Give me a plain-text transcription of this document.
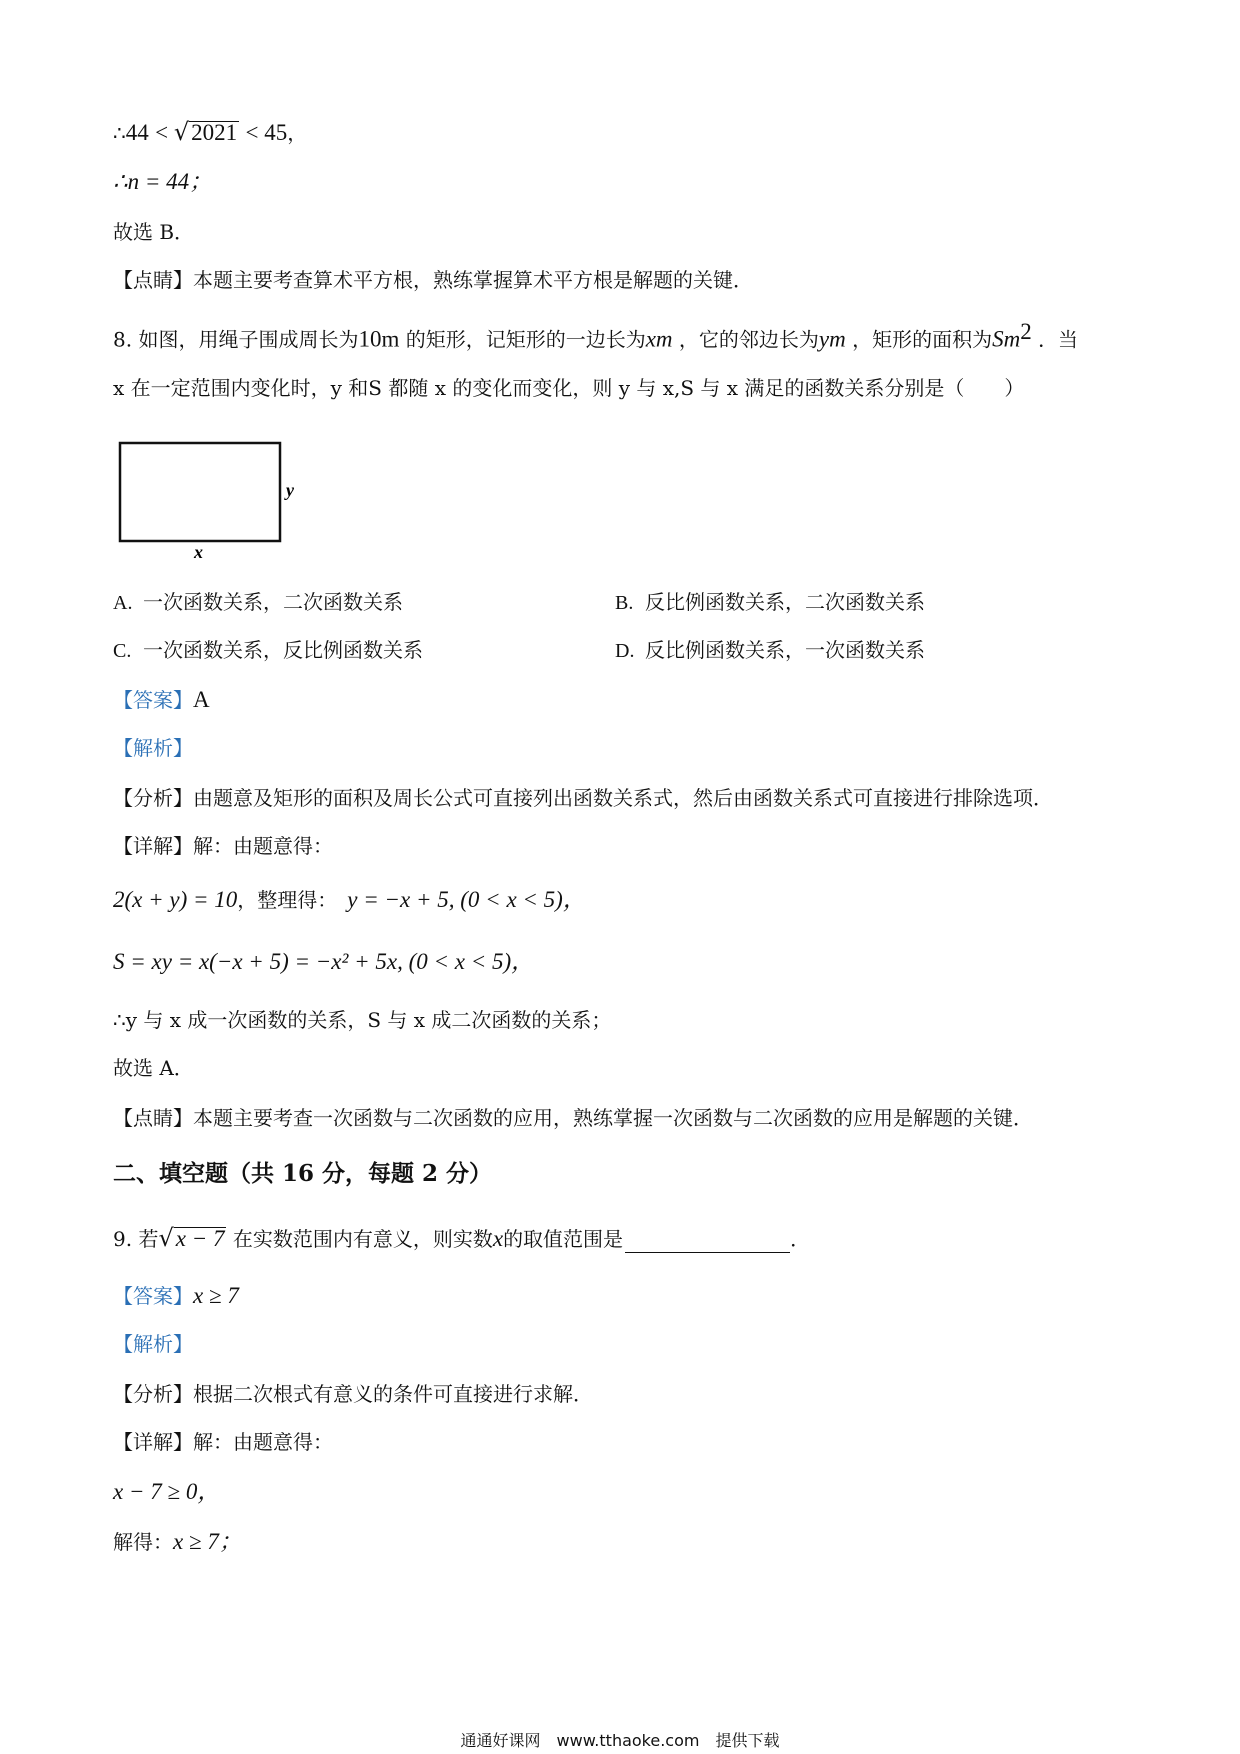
∴44 < √2021 < 45，
∴n = 44；
故选 B．
【点睛】本题主要考查算术平方根，熟练掌握算术平方根是解题的关键．
8. 如图，用绳子围成周长为10m 的矩形，记矩形的一边长为xm ，它的邻边长为ym ，矩形的面积为Sm$^2$ ．当
x 在一定范围内变化时，y 和S 都随 x 的变化而变化，则 y 与 x,S 与 x 满足的函数关系分别是（　　）
y
x
A. 一次函数关系，二次函数关系	B. 反比例函数关系，二次函数关系
C. 一次函数关系，反比例函数关系	D. 反比例函数关系，一次函数关系
【答案】A
【解析】
【分析】由题意及矩形的面积及周长公式可直接列出函数关系式，然后由函数关系式可直接进行排除选项．
【详解】解：由题意得：
2(x + y) = 10，整理得： y = −x + 5, (0 < x < 5)，
S = xy = x(−x + 5) = −x² + 5x, (0 < x < 5)，
∴y 与 x 成一次函数的关系，S 与 x 成二次函数的关系；
故选 A．
【点睛】本题主要考查一次函数与二次函数的应用，熟练掌握一次函数与二次函数的应用是解题的关键．
二、填空题（共 16 分，每题 2 分）
9. 若√x − 7 在实数范围内有意义，则实数x的取值范围是	．
【答案】x ≥ 7
【解析】
【分析】根据二次根式有意义的条件可直接进行求解．
【详解】解：由题意得：
x − 7 ≥ 0，
解得：x ≥ 7；
通通好课网　www.tthaoke.com　提供下载
